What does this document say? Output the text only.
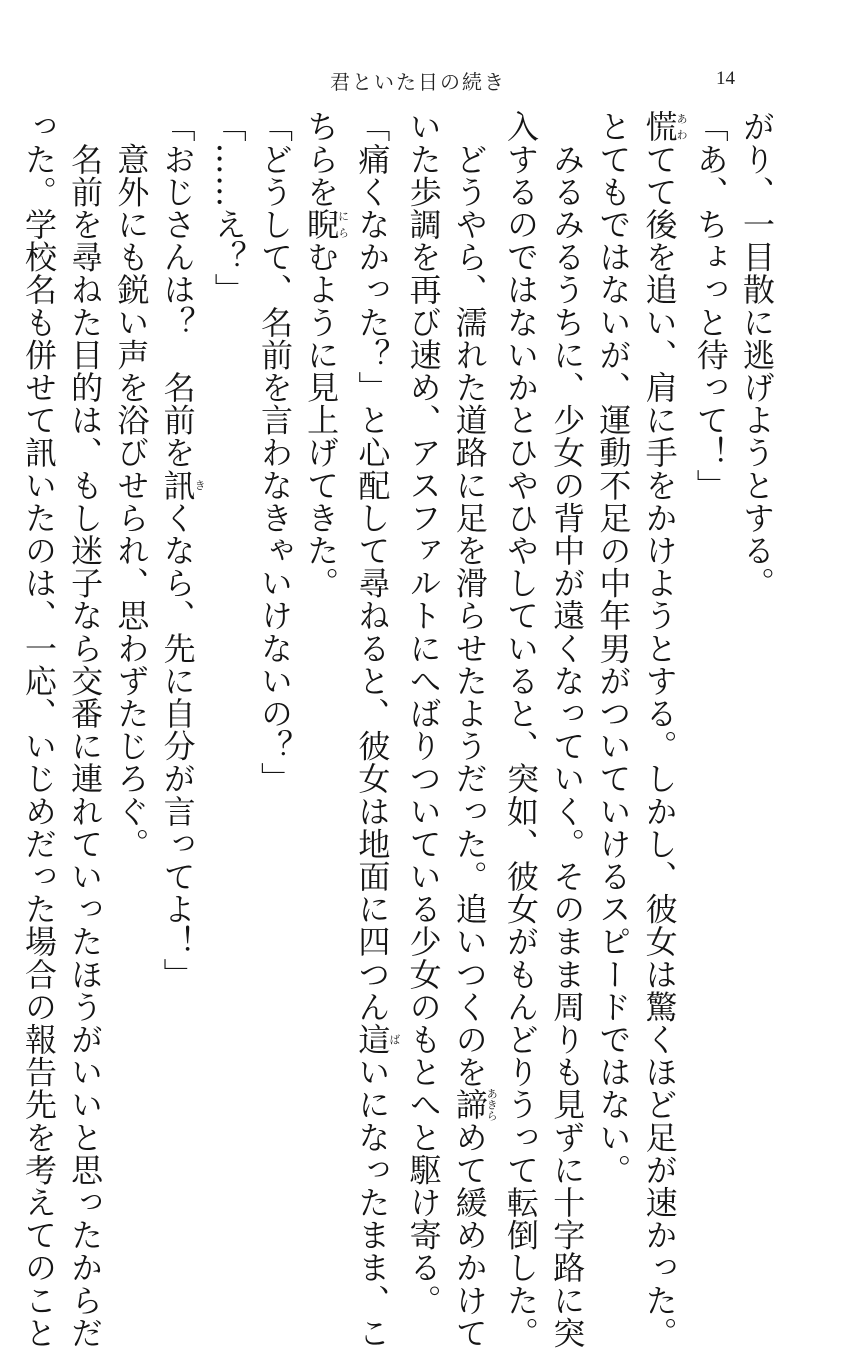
君といた日の続き	14
がり、一目散に逃げようとする。
「あ、ちょっと待って！」
慌あわてて後を追い、肩に手をかけようとする。しかし、彼女は驚くほど足が速かった。
とてもではないが、運動不足の中年男がついていけるスピードではない。
　みるみるうちに、少女の背中が遠くなっていく。そのまま周りも見ずに十字路に突
入するのではないかとひやひやしていると、突如、彼女がもんどりうって転倒した。
　どうやら、濡れた道路に足を滑らせたようだった。追いつくのを諦あきらめて緩めかけて
いた歩調を再び速め、アスファルトにへばりついている少女のもとへと駆け寄る。
「痛くなかった？」と心配して尋ねると、彼女は地面に四つん這ばいになったまま、こ
ちらを睨にらむように見上げてきた。
「どうして、名前を言わなきゃいけないの？」
「……え？」
「おじさんは？　名前を訊きくなら、先に自分が言ってよ！」
　意外にも鋭い声を浴びせられ、思わずたじろぐ。
　名前を尋ねた目的は、もし迷子なら交番に連れていったほうがいいと思ったからだ
った。学校名も併せて訊いたのは、一応、いじめだった場合の報告先を考えてのこと
